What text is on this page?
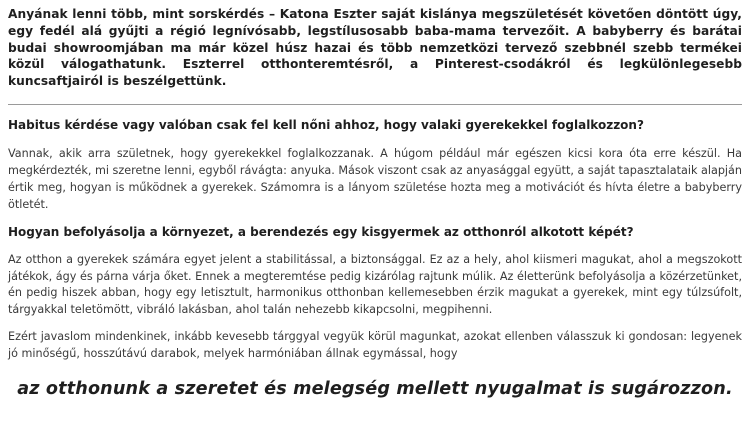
Anyának lenni több, mint sorskérdés – Katona Eszter saját kislánya megszületését követően döntött úgy, egy fedél alá gyűjti a régió legnívósabb, legstílusosabb baba-mama tervezőit. A babyberry és barátai budai showroomjában ma már közel húsz hazai és több nemzetközi tervező szebbnél szebb termékei közül válogathatunk. Eszterrel otthonteremtésről, a Pinterest-csodákról és legkülönlegesebb kuncsaftjairól is beszélgettünk.

Habitus kérdése vagy valóban csak fel kell nőni ahhoz, hogy valaki gyerekekkel foglalkozzon?

Vannak, akik arra születnek, hogy gyerekekkel foglalkozzanak. A húgom például már egészen kicsi kora óta erre készül. Ha megkérdezték, mi szeretne lenni, egyből rávágta: anyuka. Mások viszont csak az anyasággal együtt, a saját tapasztalataik alapján értik meg, hogyan is működnek a gyerekek. Számomra is a lányom születése hozta meg a motivációt és hívta életre a babyberry ötletét.

Hogyan befolyásolja a környezet, a berendezés egy kisgyermek az otthonról alkotott képét?

Az otthon a gyerekek számára egyet jelent a stabilitással, a biztonsággal. Ez az a hely, ahol kiismeri magukat, ahol a megszokott játékok, ágy és párna várja őket. Ennek a megteremtése pedig kizárólag rajtunk múlik. Az életterünk befolyásolja a közérzetünket, én pedig hiszek abban, hogy egy letisztult, harmonikus otthonban kellemesebben érzik magukat a gyerekek, mint egy túlzsúfolt, tárgyakkal teletömött, vibráló lakásban, ahol talán nehezebb kikapcsolni, megpihenni.

Ezért javaslom mindenkinek, inkább kevesebb tárggyal vegyük körül magunkat, azokat ellenben válasszuk ki gondosan: legyenek jó minőségű, hosszútávú darabok, melyek harmóniában állnak egymással, hogy

az otthonunk a szeretet és melegség mellett nyugalmat is sugározzon.
